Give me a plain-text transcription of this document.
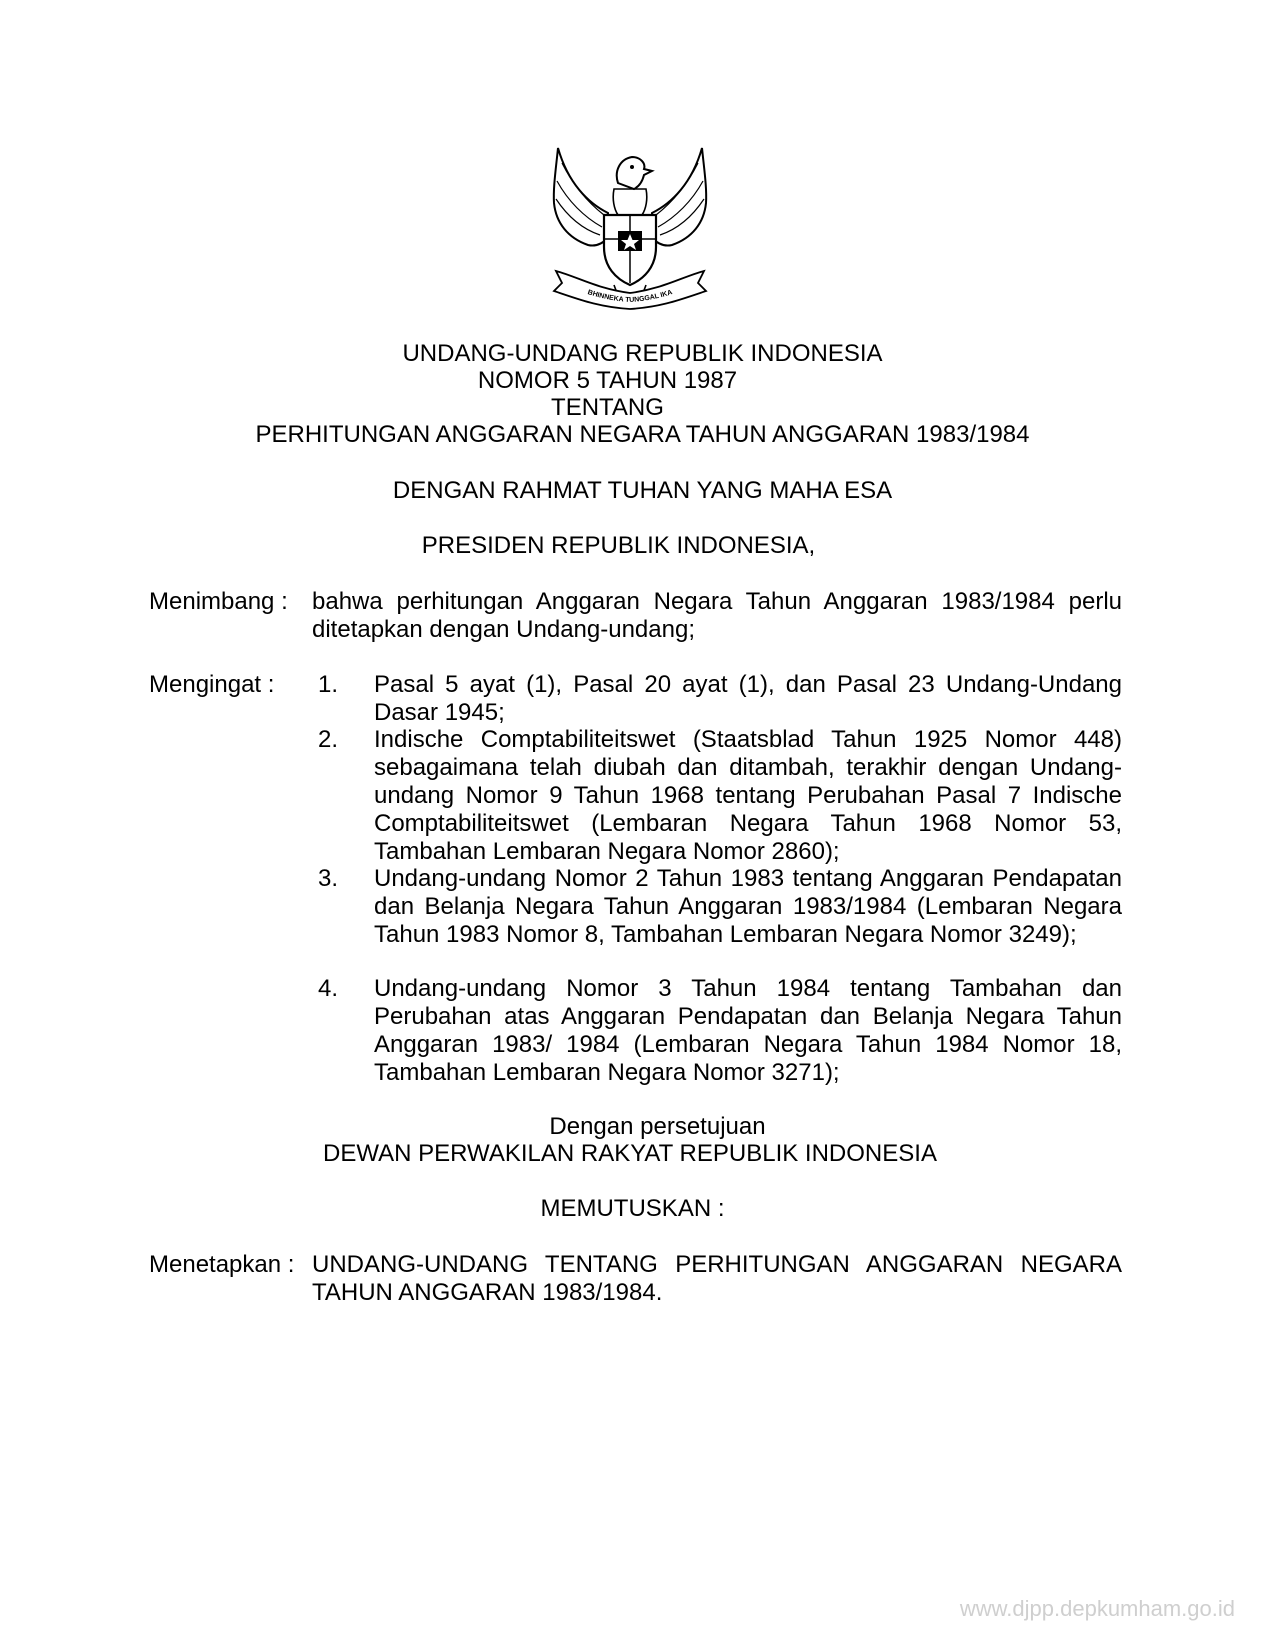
BHINNEKA TUNGGAL IKA
UNDANG-UNDANG REPUBLIK INDONESIA
NOMOR 5 TAHUN 1987
TENTANG
PERHITUNGAN ANGGARAN NEGARA TAHUN ANGGARAN 1983/1984
DENGAN RAHMAT TUHAN YANG MAHA ESA
PRESIDEN REPUBLIK INDONESIA,
Menimbang : bahwa perhitungan Anggaran Negara Tahun Anggaran 1983/1984 perlu ditetapkan dengan Undang-undang;
Mengingat : 1. Pasal 5 ayat (1), Pasal 20 ayat (1), dan Pasal 23 Undang-Undang Dasar 1945;
2. Indische Comptabiliteitswet (Staatsblad Tahun 1925 Nomor 448) sebagaimana telah diubah dan ditambah, terakhir dengan Undang-undang Nomor 9 Tahun 1968 tentang Perubahan Pasal 7 Indische Comptabiliteitswet (Lembaran Negara Tahun 1968 Nomor 53, Tambahan Lembaran Negara Nomor 2860);
3. Undang-undang Nomor 2 Tahun 1983 tentang Anggaran Pendapatan dan Belanja Negara Tahun Anggaran 1983/1984 (Lembaran Negara Tahun 1983 Nomor 8, Tambahan Lembaran Negara Nomor 3249);
4. Undang-undang Nomor 3 Tahun 1984 tentang Tambahan dan Perubahan atas Anggaran Pendapatan dan Belanja Negara Tahun Anggaran 1983/ 1984 (Lembaran Negara Tahun 1984 Nomor 18, Tambahan Lembaran Negara Nomor 3271);
Dengan persetujuan
DEWAN PERWAKILAN RAKYAT REPUBLIK INDONESIA
MEMUTUSKAN :
Menetapkan : UNDANG-UNDANG TENTANG PERHITUNGAN ANGGARAN NEGARA TAHUN ANGGARAN 1983/1984.
www.djpp.depkumham.go.id
